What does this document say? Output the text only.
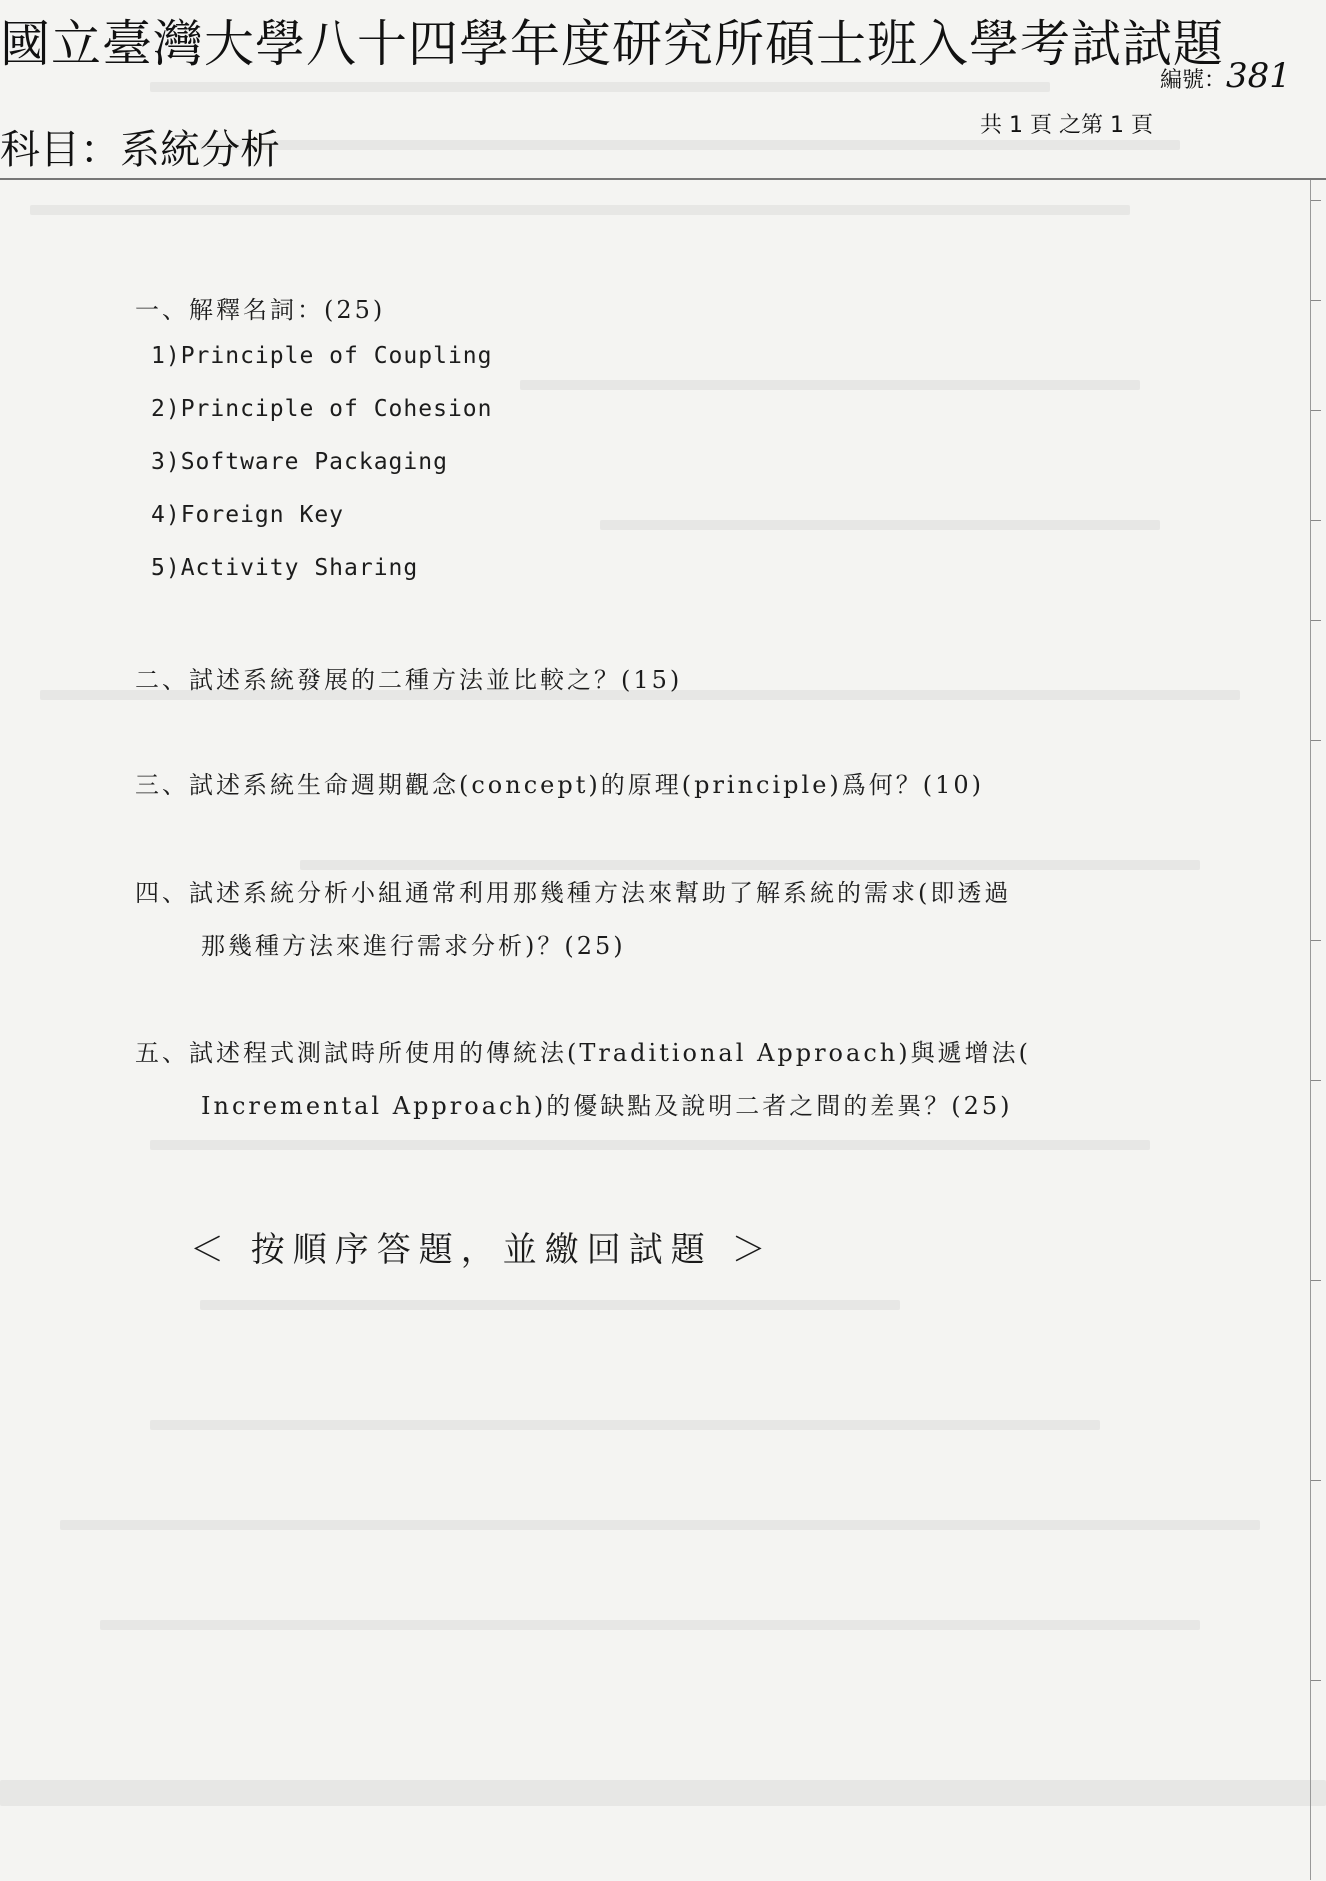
國立臺灣大學八十四學年度研究所碩士班入學考試試題
編號：381
科目：系統分析
共 1 頁 之第 1 頁

一、解釋名詞：(25)

1)Principle of Coupling

2)Principle of Cohesion

3)Software Packaging

4)Foreign Key

5)Activity Sharing

二、試述系統發展的二種方法並比較之？(15)

三、試述系統生命週期觀念(concept)的原理(principle)爲何？(10)

四、試述系統分析小組通常利用那幾種方法來幫助了解系統的需求(即透過

那幾種方法來進行需求分析)？(25)

五、試述程式測試時所使用的傳統法(Traditional Approach)與遞增法(

Incremental Approach)的優缺點及說明二者之間的差異？(25)

＜ 按順序答題，並繳回試題 ＞
